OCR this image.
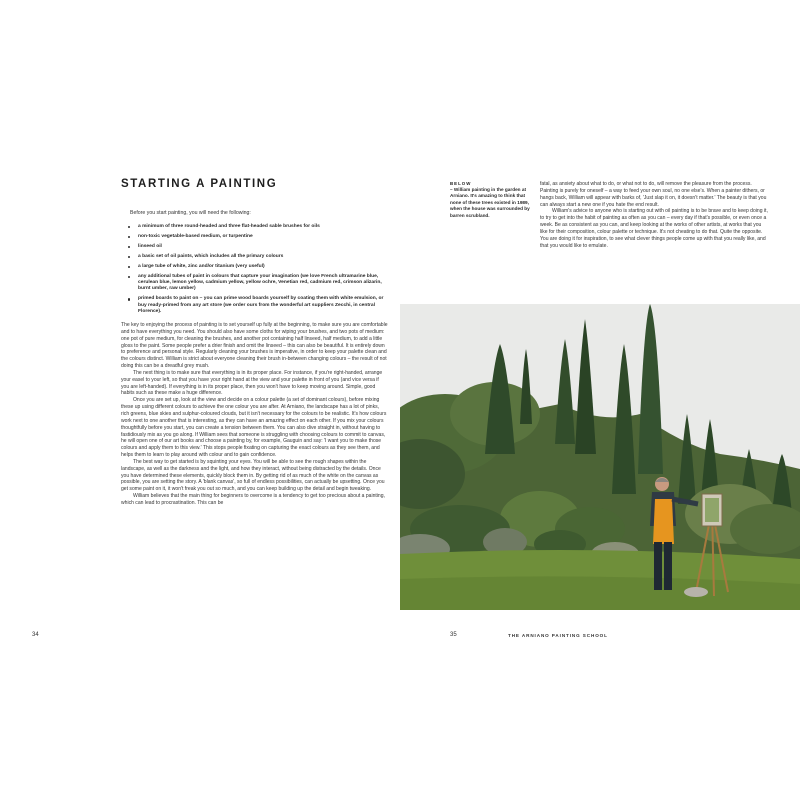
STARTING A PAINTING

Before you start painting, you will need the following:

a minimum of three round-headed and three flat-headed sable brushes for oils
non-toxic vegetable-based medium, or turpentine
linseed oil
a basic set of oil paints, which includes all the primary colours
a large tube of white, zinc and/or titanium (very useful)
any additional tubes of paint in colours that capture your imagination (we love French ultramarine blue, cerulean blue, lemon yellow, cadmium yellow, yellow ochre, Venetian red, cadmium red, crimson alizarin, burnt umber, raw umber)
primed boards to paint on – you can prime wood boards yourself by coating them with white emulsion, or buy ready-primed from any art store (we order ours from the wonderful art suppliers Zecchi, in central Florence).

The key to enjoying the process of painting is to set yourself up fully at the beginning, to make sure you are comfortable and to have everything you need. You should also have some cloths for wiping your brushes, and two pots of medium: one pot of pure medium, for cleaning the brushes, and another pot containing half linseed, half medium, to add a little gloss to the paint. Some people prefer a drier finish and omit the linseed – this can also be beautiful. It is entirely down to preference and personal style. Regularly cleaning your brushes is imperative, in order to keep your palette clean and the colours distinct. William is strict about everyone cleaning their brush in-between changing colours – the result of not doing this can be a dreadful grey mush.

The next thing is to make sure that everything is in its proper place. For instance, if you're right-handed, arrange your easel to your left, so that you have your right hand at the view and your palette in front of you (and vice versa if you are left-handed). If everything is in its proper place, then you won't have to keep moving around. Simple, good habits such as these make a huge difference.

Once you are set up, look at the view and decide on a colour palette (a set of dominant colours), before mixing these up using different colours to achieve the one colour you are after. At Arniano, the landscape has a lot of pinks, rich greens, blue skies and sulphur-coloured clouds, but it isn't necessary for the colours to be realistic. It's how colours work next to one another that is interesting, as they can have an amazing effect on each other. If you mix your colours thoughtfully before you start, you can create a tension between them. You can also dive straight in, without having to fastidiously mix as you go along. If William sees that someone is struggling with choosing colours to commit to canvas, he will open one of our art books and choose a painting by, for example, Gauguin and say: 'I want you to make those colours and apply them to this view.' This stops people fixating on capturing the exact colours as they see them, and helps them to learn to play around with colour and to gain confidence.

The best way to get started is by squinting your eyes. You will be able to see the rough shapes within the landscape, as well as the darkness and the light, and how they interact, without being distracted by the details. Once you have determined these elements, quickly block them in. By getting rid of as much of the white on the canvas as possible, you are setting the story. A 'blank canvas', so full of endless possibilities, can actually be upsetting. Once you get some paint on it, it won't freak you out so much, and you can keep building up the detail and begin tweaking.

William believes that the main thing for beginners to overcome is a tendency to get too precious about a painting, which can lead to procrastination. This can be

34
BELOW

– William painting in the garden at Arniano. It's amazing to think that none of these trees existed in 1989, when the house was surrounded by barren scrubland.

fatal, as anxiety about what to do, or what not to do, will remove the pleasure from the process. Painting is purely for oneself – a way to feed your own soul, no one else's. When a painter dithers, or hangs back, William will appear with barks of, 'Just slap it on, it doesn't matter.' The beauty is that you can always start a new one if you hate the end result.

William's advice to anyone who is starting out with oil painting is to be brave and to keep doing it, to try to get into the habit of painting as often as you can – every day if that's possible, or even once a week. Be as consistent as you can, and keep looking at the works of other artists, at works that you like for their composition, colour palette or technique. It's not cheating to do that. Quite the opposite. You are doing it for inspiration, to see what clever things people come up with that you really like, and that you would like to emulate.

35	THE ARNIANO PAINTING SCHOOL
